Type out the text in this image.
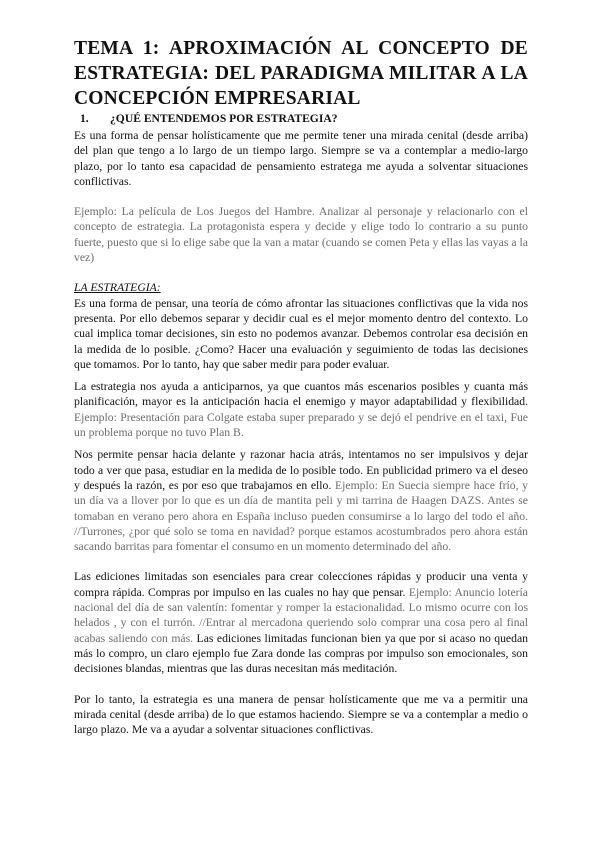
TEMA 1: APROXIMACIÓN AL CONCEPTO DE ESTRATEGIA: DEL PARADIGMA MILITAR A LA CONCEPCIÓN EMPRESARIAL
1. ¿QUÉ ENTENDEMOS POR ESTRATEGIA?

Es una forma de pensar holísticamente que me permite tener una mirada cenital (desde arriba) del plan que tengo a lo largo de un tiempo largo. Siempre se va a contemplar a medio-largo plazo, por lo tanto esa capacidad de pensamiento estratega me ayuda a solventar situaciones conflictivas.

Ejemplo: La película de Los Juegos del Hambre. Analizar al personaje y relacionarlo con el concepto de estrategia. La protagonista espera y decide y elige todo lo contrario a su punto fuerte, puesto que si lo elige sabe que la van a matar (cuando se comen Peta y ellas las vayas a la vez)

LA ESTRATEGIA:

Es una forma de pensar, una teoría de cómo afrontar las situaciones conflictivas que la vida nos presenta. Por ello debemos separar y decidir cual es el mejor momento dentro del contexto. Lo cual implica tomar decisiones, sin esto no podemos avanzar. Debemos controlar esa decisión en la medida de lo posible. ¿Como? Hacer una evaluación y seguimiento de todas las decisiones que tomamos. Por lo tanto, hay que saber medir para poder evaluar.

La estrategia nos ayuda a anticiparnos, ya que cuantos más escenarios posibles y cuanta más planificación, mayor es la anticipación hacia el enemigo y mayor adaptabilidad y flexibilidad. Ejemplo: Presentación para Colgate estaba super preparado y se dejó el pendrive en el taxi, Fue un problema porque no tuvo Plan B.

Nos permite pensar hacia delante y razonar hacia atrás, intentamos no ser impulsivos y dejar todo a ver que pasa, estudiar en la medida de lo posible todo. En publicidad primero va el deseo y después la razón, es por eso que trabajamos en ello. Ejemplo: En Suecia siempre hace frío, y un día va a llover por lo que es un día de mantita peli y mi tarrina de Haagen DAZS. Antes se tomaban en verano pero ahora en España incluso pueden consumirse a lo largo del todo el año. //Turrones, ¿por qué solo se toma en navidad? porque estamos acostumbrados pero ahora están sacando barritas para fomentar el consumo en un momento determinado del año.

Las ediciones limitadas son esenciales para crear colecciones rápidas y producir una venta y compra rápida. Compras por impulso en las cuales no hay que pensar. Ejemplo: Anuncio lotería nacional del día de san valentín: fomentar y romper la estacionalidad. Lo mismo ocurre con los helados , y con el turrón. //Entrar al mercadona queriendo solo comprar una cosa pero al final acabas saliendo con más. Las ediciones limitadas funcionan bien ya que por si acaso no quedan más lo compro, un claro ejemplo fue Zara donde las compras por impulso son emocionales, son decisiones blandas, mientras que las duras necesitan más meditación.

Por lo tanto, la estrategia es una manera de pensar holísticamente que me va a permitir una mirada cenital (desde arriba) de lo que estamos haciendo. Siempre se va a contemplar a medio o largo plazo. Me va a ayudar a solventar situaciones conflictivas.
